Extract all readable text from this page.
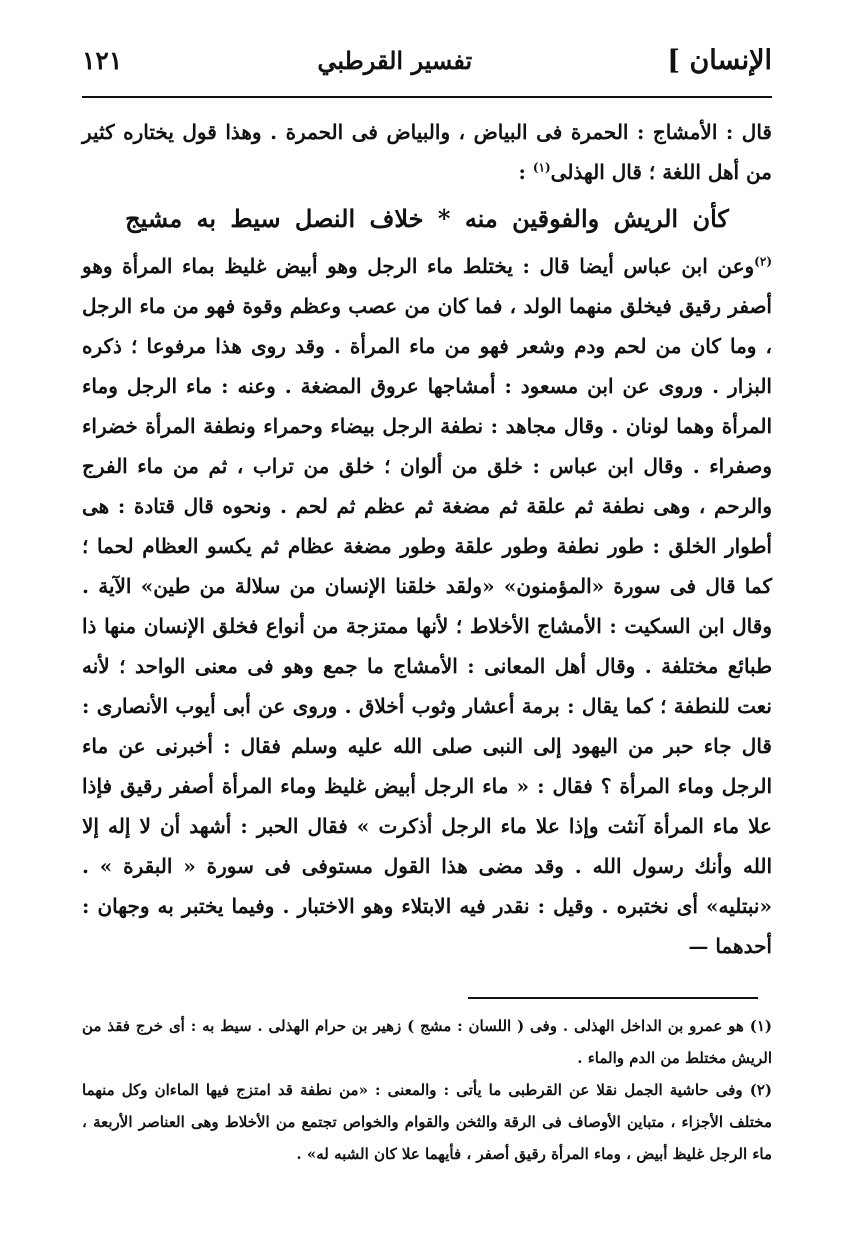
الإنسان ]
تفسير القرطبي
١٢١

قال : الأمشاج : الحمرة فى البياض ، والبياض فى الحمرة . وهذا قول يختاره كثير من أهل اللغة ؛ قال الهذلى$^{(١)}$ :

كأن الريش والفوقين منه * خلاف النصل سيط به مشيج

$^{(٢)}$وعن ابن عباس أيضا قال : يختلط ماء الرجل وهو أبيض غليظ بماء المرأة وهو أصفر رقيق فيخلق منهما الولد ، فما كان من عصب وعظم وقوة فهو من ماء الرجل ، وما كان من لحم ودم وشعر فهو من ماء المرأة . وقد روى هذا مرفوعا ؛ ذكره البزار . وروى عن ابن مسعود : أمشاجها عروق المضغة . وعنه : ماء الرجل وماء المرأة وهما لونان . وقال مجاهد : نطفة الرجل بيضاء وحمراء ونطفة المرأة خضراء وصفراء . وقال ابن عباس : خلق من ألوان ؛ خلق من تراب ، ثم من ماء الفرج والرحم ، وهى نطفة ثم علقة ثم مضغة ثم عظم ثم لحم . ونحوه قال قتادة : هى أطوار الخلق : طور نطفة وطور علقة وطور مضغة عظام ثم يكسو العظام لحما ؛ كما قال فى سورة «المؤمنون» «ولقد خلقنا الإنسان من سلالة من طين» الآية . وقال ابن السكيت : الأمشاج الأخلاط ؛ لأنها ممتزجة من أنواع فخلق الإنسان منها ذا طبائع مختلفة . وقال أهل المعانى : الأمشاج ما جمع وهو فى معنى الواحد ؛ لأنه نعت للنطفة ؛ كما يقال : برمة أعشار وثوب أخلاق . وروى عن أبى أيوب الأنصارى : قال جاء حبر من اليهود إلى النبى صلى الله عليه وسلم فقال : أخبرنى عن ماء الرجل وماء المرأة ؟ فقال : « ماء الرجل أبيض غليظ وماء المرأة أصفر رقيق فإذا علا ماء المرأة آنثت وإذا علا ماء الرجل أذكرت » فقال الحبر : أشهد أن لا إله إلا الله وأنك رسول الله . وقد مضى هذا القول مستوفى فى سورة « البقرة » . «نبتليه» أى نختبره . وقيل : نقدر فيه الابتلاء وهو الاختبار . وفيما يختبر به وجهان : أحدهما —

(١) هو عمرو بن الداخل الهذلى . وفى ( اللسان : مشج ) زهير بن حرام الهذلى . سيط به : أى خرج فقذ من الريش مختلط من الدم والماء .

(٢) وفى حاشية الجمل نقلا عن القرطبى ما يأتى : والمعنى : «من نطفة قد امتزج فيها الماءان وكل منهما مختلف الأجزاء ، متباين الأوصاف فى الرقة والثخن والقوام والخواص تجتمع من الأخلاط وهى العناصر الأربعة ، ماء الرجل غليظ أبيض ، وماء المرأة رقيق أصفر ، فأيهما علا كان الشبه له» .
